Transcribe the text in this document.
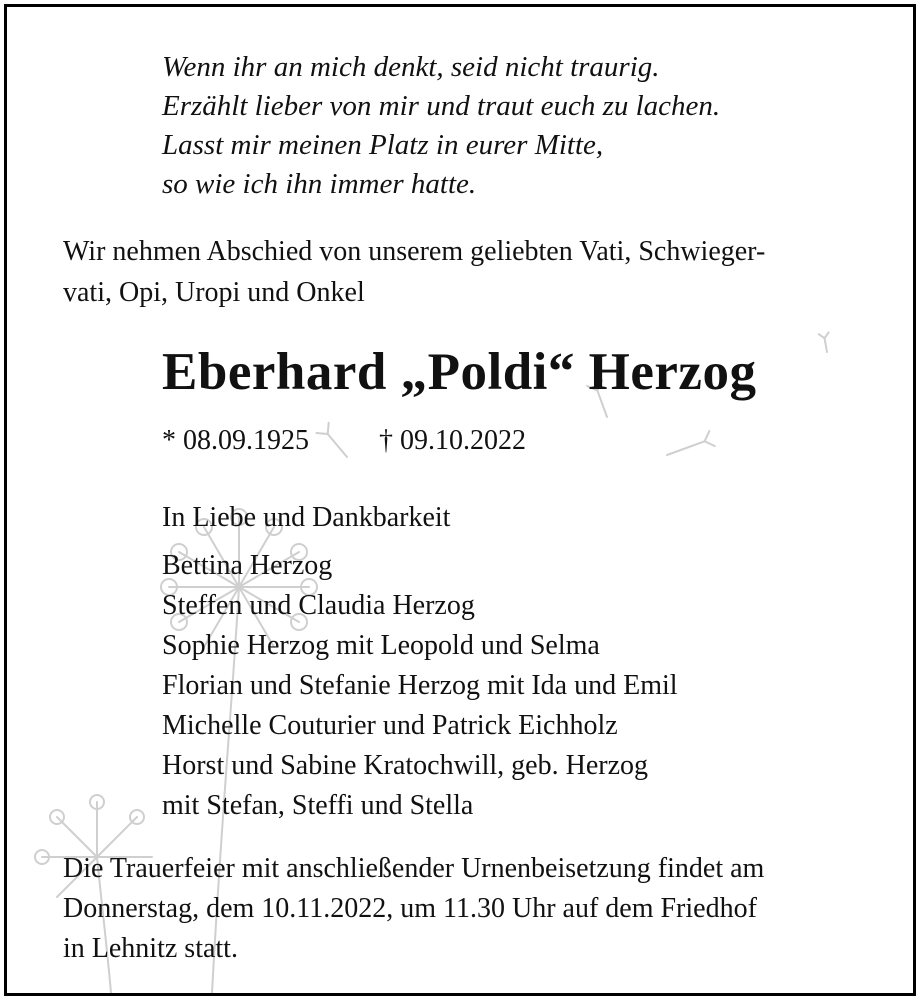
Wenn ihr an mich denkt, seid nicht traurig.
Erzählt lieber von mir und traut euch zu lachen.
Lasst mir meinen Platz in eurer Mitte,
so wie ich ihn immer hatte.
Wir nehmen Abschied von unserem geliebten Vati, Schwieger-
vati, Opi, Uropi und Onkel
Eberhard „Poldi“ Herzog
* 08.09.1925	† 09.10.2022
In Liebe und Dankbarkeit
Bettina Herzog
Steffen und Claudia Herzog
Sophie Herzog mit Leopold und Selma
Florian und Stefanie Herzog mit Ida und Emil
Michelle Couturier und Patrick Eichholz
Horst und Sabine Kratochwill, geb. Herzog
mit Stefan, Steffi und Stella
Die Trauerfeier mit anschließender Urnenbeisetzung findet am
Donnerstag, dem 10.11.2022, um 11.30 Uhr auf dem Friedhof
in Lehnitz statt.
